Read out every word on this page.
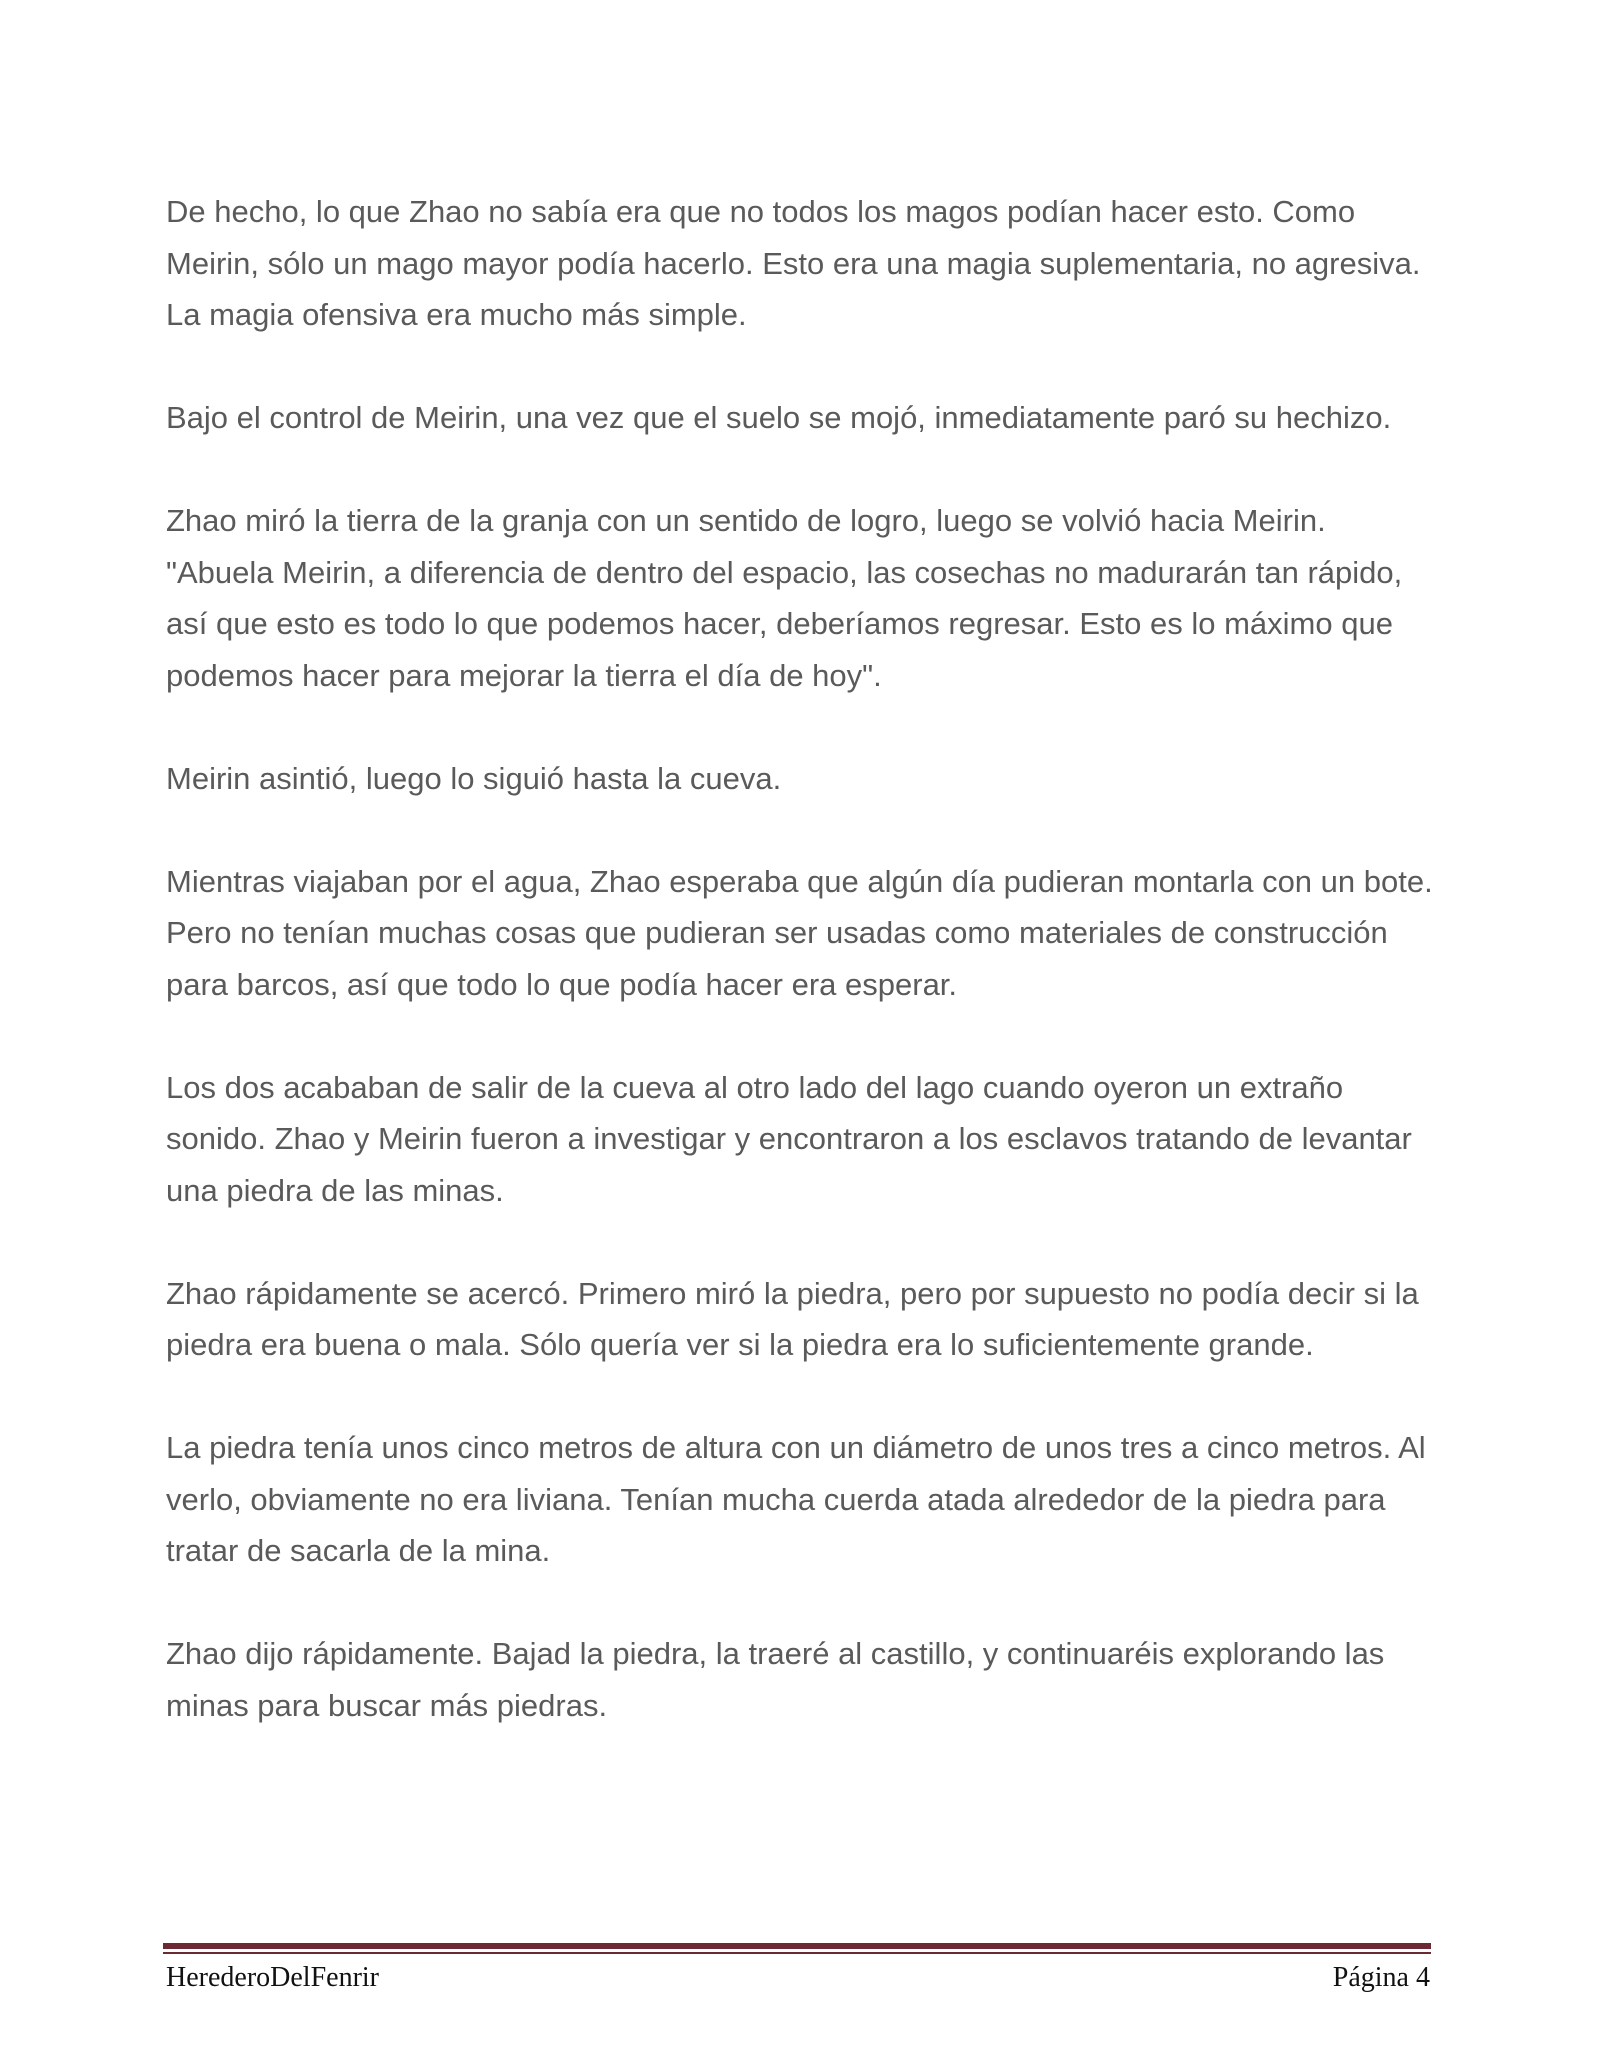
De hecho, lo que Zhao no sabía era que no todos los magos podían hacer esto. Como Meirin, sólo un mago mayor podía hacerlo. Esto era una magia suplementaria, no agresiva. La magia ofensiva era mucho más simple.

Bajo el control de Meirin, una vez que el suelo se mojó, inmediatamente paró su hechizo.

Zhao miró la tierra de la granja con un sentido de logro, luego se volvió hacia Meirin. "Abuela Meirin, a diferencia de dentro del espacio, las cosechas no madurarán tan rápido, así que esto es todo lo que podemos hacer, deberíamos regresar. Esto es lo máximo que podemos hacer para mejorar la tierra el día de hoy".

Meirin asintió, luego lo siguió hasta la cueva.

Mientras viajaban por el agua, Zhao esperaba que algún día pudieran montarla con un bote. Pero no tenían muchas cosas que pudieran ser usadas como materiales de construcción para barcos, así que todo lo que podía hacer era esperar.

Los dos acababan de salir de la cueva al otro lado del lago cuando oyeron un extraño sonido. Zhao y Meirin fueron a investigar y encontraron a los esclavos tratando de levantar una piedra de las minas.

Zhao rápidamente se acercó. Primero miró la piedra, pero por supuesto no podía decir si la piedra era buena o mala. Sólo quería ver si la piedra era lo suficientemente grande.

La piedra tenía unos cinco metros de altura con un diámetro de unos tres a cinco metros. Al verlo, obviamente no era liviana. Tenían mucha cuerda atada alrededor de la piedra para tratar de sacarla de la mina.

Zhao dijo rápidamente. Bajad la piedra, la traeré al castillo, y continuaréis explorando las minas para buscar más piedras.

HerederoDelFenrir	Página 4
